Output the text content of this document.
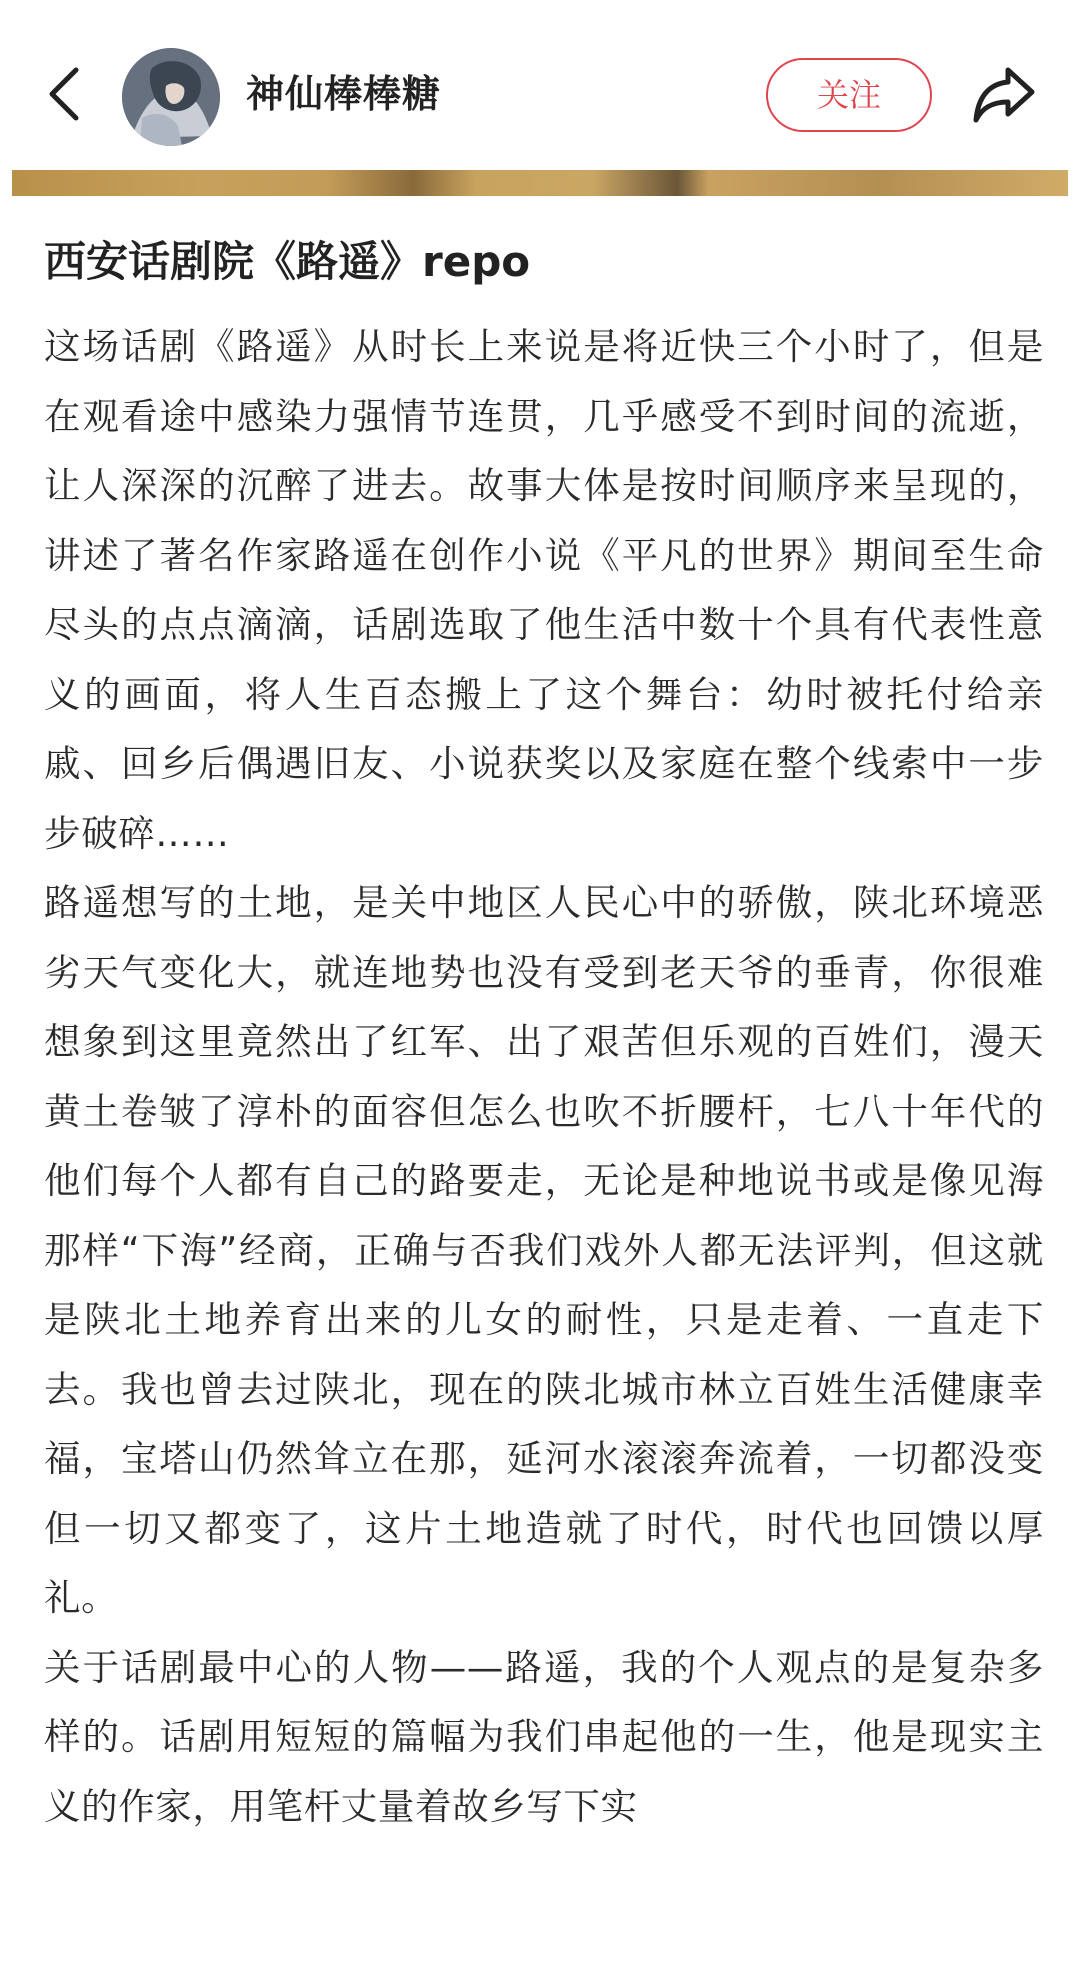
神仙棒棒糖	关注
西安话剧院《路遥》repo

这场话剧《路遥》从时长上来说是将近快三个小时了，但是在观看途中感染力强情节连贯，几乎感受不到时间的流逝，让人深深的沉醉了进去。故事大体是按时间顺序来呈现的，讲述了著名作家路遥在创作小说《平凡的世界》期间至生命尽头的点点滴滴，话剧选取了他生活中数十个具有代表性意义的画面，将人生百态搬上了这个舞台：幼时被托付给亲戚、回乡后偶遇旧友、小说获奖以及家庭在整个线索中一步步破碎……

路遥想写的土地，是关中地区人民心中的骄傲，陕北环境恶劣天气变化大，就连地势也没有受到老天爷的垂青，你很难想象到这里竟然出了红军、出了艰苦但乐观的百姓们，漫天黄土卷皱了淳朴的面容但怎么也吹不折腰杆，七八十年代的他们每个人都有自己的路要走，无论是种地说书或是像见海那样“下海”经商，正确与否我们戏外人都无法评判，但这就是陕北土地养育出来的儿女的耐性，只是走着、一直走下去。我也曾去过陕北，现在的陕北城市林立百姓生活健康幸福，宝塔山仍然耸立在那，延河水滚滚奔流着，一切都没变但一切又都变了，这片土地造就了时代，时代也回馈以厚礼。

关于话剧最中心的人物——路遥，我的个人观点的是复杂多样的。话剧用短短的篇幅为我们串起他的一生，他是现实主义的作家，用笔杆丈量着故乡写下实
